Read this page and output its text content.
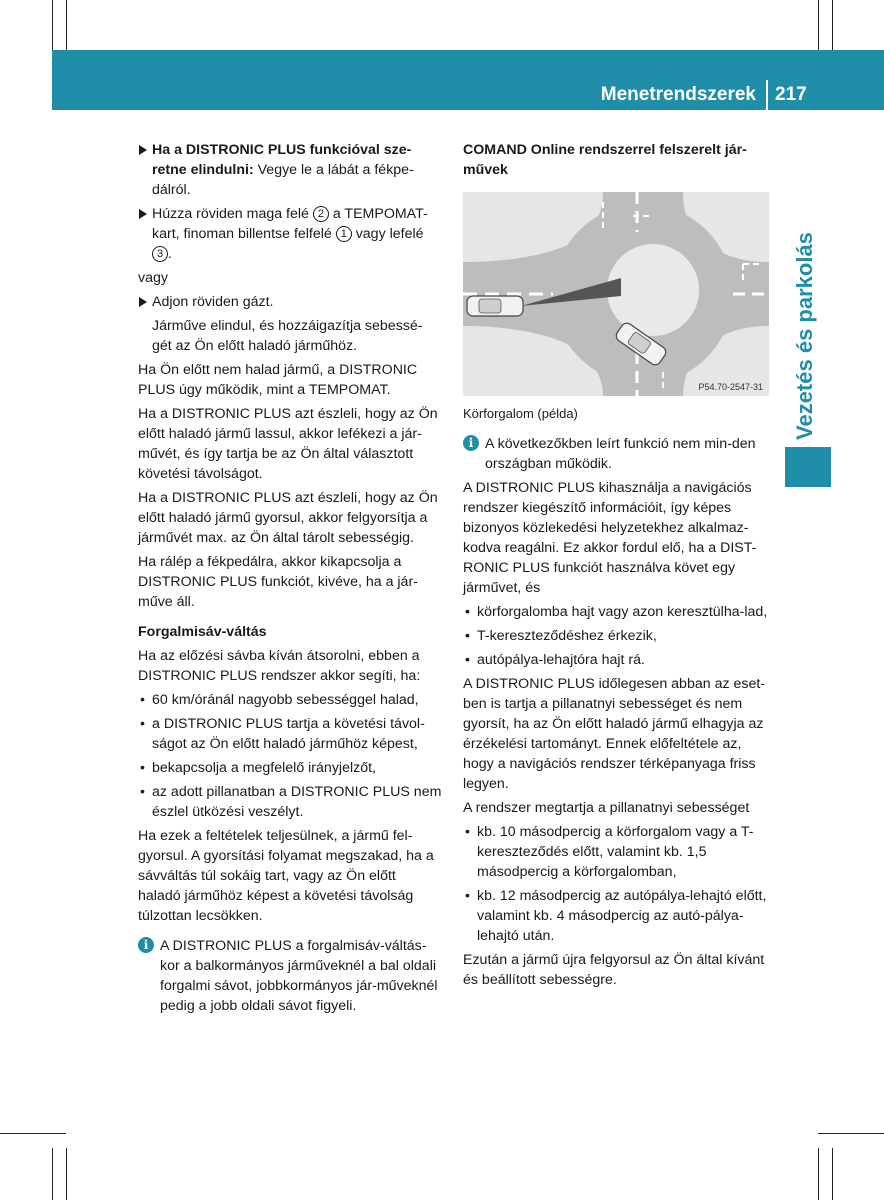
Menetrendszerek 217
Vezetés és parkolás
Ha a DISTRONIC PLUS funkcióval sze-retne elindulni: Vegye le a lábát a fékpe-dálról.
Húzza röviden maga felé 2 a TEMPOMAT-kart, finoman billentse felfelé 1 vagy lefelé 3 .

vagy

Adjon röviden gázt.
Járműve elindul, és hozzáigazítja sebessé-gét az Ön előtt haladó járműhöz.

Ha Ön előtt nem halad jármű, a DISTRONIC PLUS úgy működik, mint a TEMPOMAT.

Ha a DISTRONIC PLUS azt észleli, hogy az Ön előtt haladó jármű lassul, akkor lefékezi a jár-művét, és így tartja be az Ön által választott követési távolságot.

Ha a DISTRONIC PLUS azt észleli, hogy az Ön előtt haladó jármű gyorsul, akkor felgyorsítja a járművét max. az Ön által tárolt sebességig.

Ha rálép a fékpedálra, akkor kikapcsolja a DISTRONIC PLUS funkciót, kivéve, ha a jár-műve áll.

Forgalmisáv-váltás

Ha az előzési sávba kíván átsorolni, ebben a DISTRONIC PLUS rendszer akkor segíti, ha:

• 60 km/óránál nagyobb sebességgel halad,
• a DISTRONIC PLUS tartja a követési távol-ságot az Ön előtt haladó járműhöz képest,
• bekapcsolja a megfelelő irányjelzőt,
• az adott pillanatban a DISTRONIC PLUS nem észlel ütközési veszélyt.

Ha ezek a feltételek teljesülnek, a jármű fel-gyorsul. A gyorsítási folyamat megszakad, ha a sávváltás túl sokáig tart, vagy az Ön előtt haladó járműhöz képest a követési távolság túlzottan lecsökken.

i A DISTRONIC PLUS a forgalmisáv-váltás-kor a balkormányos járműveknél a bal oldali forgalmi sávot, jobbkormányos jár-műveknél pedig a jobb oldali sávot figyeli.
COMAND Online rendszerrel felszerelt jár-művek
P54.70-2547-31
Körforgalom (példa)
i A következőkben leírt funkció nem min-den országban működik.

A DISTRONIC PLUS kihasználja a navigációs rendszer kiegészítő információit, így képes bizonyos közlekedési helyzetekhez alkalmaz-kodva reagálni. Ez akkor fordul elő, ha a DIST-RONIC PLUS funkciót használva követ egy járművet, és

• körforgalomba hajt vagy azon keresztülha-lad,
• T-kereszteződéshez érkezik,
• autópálya-lehajtóra hajt rá.

A DISTRONIC PLUS időlegesen abban az eset-ben is tartja a pillanatnyi sebességet és nem gyorsít, ha az Ön előtt haladó jármű elhagyja az érzékelési tartományt. Ennek előfeltétele az, hogy a navigációs rendszer térképanyaga friss legyen.

A rendszer megtartja a pillanatnyi sebességet

• kb. 10 másodpercig a körforgalom vagy a T-kereszteződés előtt, valamint kb. 1,5 másodpercig a körforgalomban,
• kb. 12 másodpercig az autópálya-lehajtó előtt, valamint kb. 4 másodpercig az autó-pálya-lehajtó után.

Ezután a jármű újra felgyorsul az Ön által kívánt és beállított sebességre.
